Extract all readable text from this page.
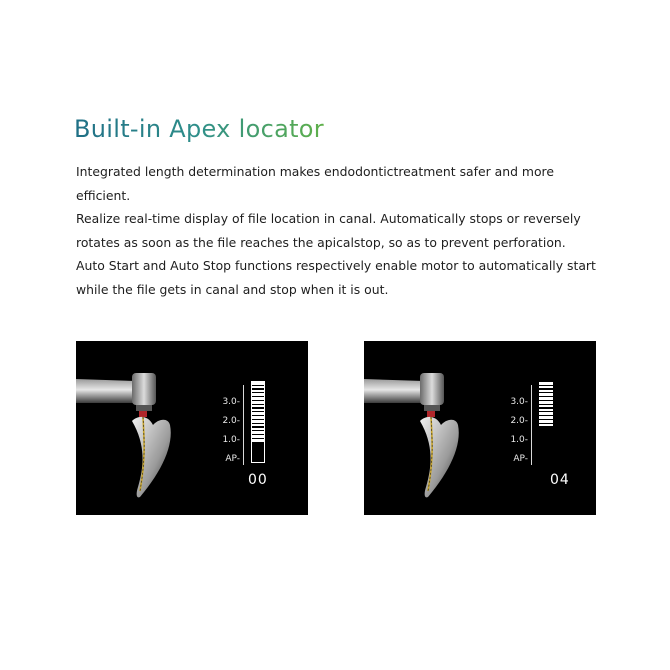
Built-in Apex locator

Integrated length determination makes endodontictreatment safer and more efficient.

Realize real-time display of file location in canal. Automatically stops or reversely rotates as soon as the file reaches the apicalstop, so as to prevent perforation. Auto Start and Auto Stop functions respectively enable motor to automatically start while the file gets in canal and stop when it is out.

3.0-
2.0-
1.0-
AP-
00
3.0-
2.0-
1.0-
AP-
04
